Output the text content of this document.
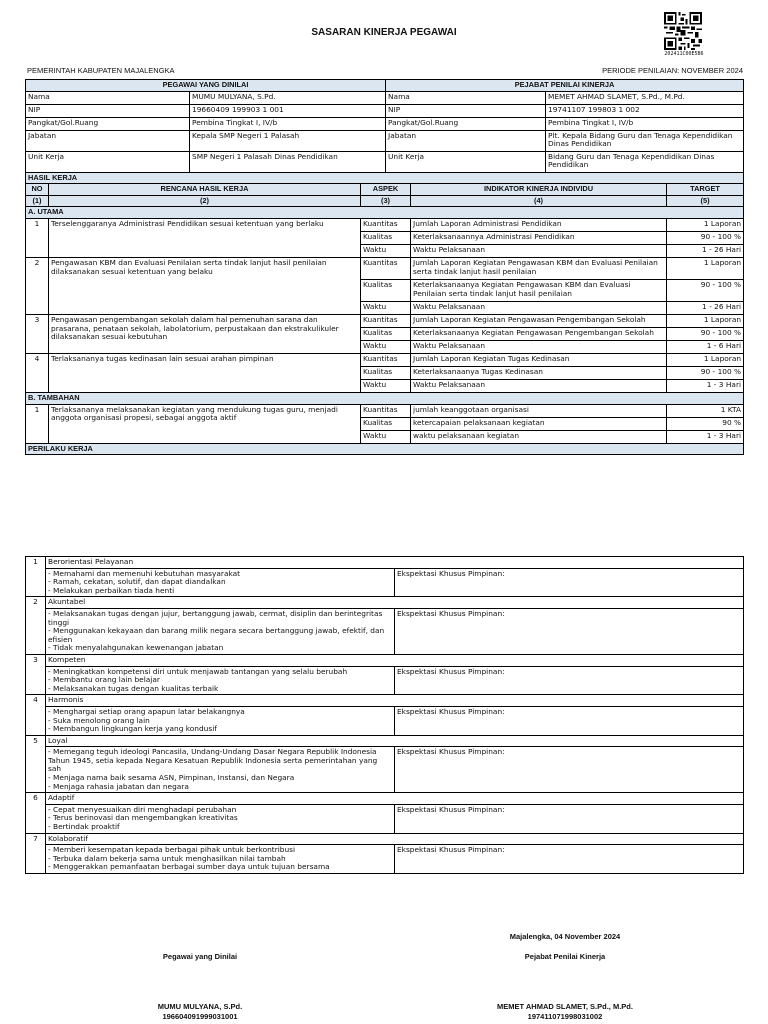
SASARAN KINERJA PEGAWAI
202411C00E5B6
PEMERINTAH KABUPATEN MAJALENGKA	PERIODE PENILAIAN: NOVEMBER 2024
PEGAWAI YANG DINILAI				PEJABAT PENILAI KINERJA			
Nama		MUMU MULYANA, S.Pd.		Nama		MEMET AHMAD SLAMET, S.Pd., M.Pd.	
NIP		19660409 199903 1 001		NIP		19741107 199803 1 002	
Pangkat/Gol.Ruang		Pembina Tingkat I, IV/b		Pangkat/Gol.Ruang		Pembina Tingkat I, IV/b	
Jabatan		Kepala SMP Negeri 1 Palasah		Jabatan		Plt. Kepala Bidang Guru dan Tenaga Kependidikan Dinas Pendidikan	
Unit Kerja		SMP Negeri 1 Palasah Dinas Pendidikan		Unit Kerja		Bidang Guru dan Tenaga Kependidikan Dinas Pendidikan	
HASIL KERJA							
NO	RENCANA HASIL KERJA		ASPEK		INDIKATOR KINERJA INDIVIDU		TARGET
(1)	(2)		(3)		(4)		(5)
A. UTAMA							
1	Terselenggaranya Administrasi Pendidikan sesuai ketentuan yang berlaku		Kuantitas		Jumlah Laporan Administrasi Pendidikan		1 Laporan
			Kualitas		Keterlaksanaannya Administrasi Pendidikan		90 - 100 %
			Waktu		Waktu Pelaksanaan		1 - 26 Hari
2	Pengawasan KBM dan Evaluasi Penilaian serta tindak lanjut hasil penilaian dilaksanakan sesuai ketentuan yang belaku		Kuantitas		Jumlah Laporan Kegiatan Pengawasan KBM dan Evaluasi Penilaian serta tindak lanjut hasil penilaian		1 Laporan
			Kualitas		Keterlaksanaanya Kegiatan Pengawasan KBM dan Evaluasi Penilaian serta tindak lanjut hasil penilaian		90 - 100 %
			Waktu		Waktu Pelaksanaan		1 - 26 Hari
3	Pengawasan pengembangan sekolah dalam hal pemenuhan sarana dan prasarana, penataan sekolah, labolatorium, perpustakaan dan ekstrakulikuler dilaksanakan sesuai kebutuhan		Kuantitas		Jumlah Laporan Kegiatan Pengawasan Pengembangan Sekolah		1 Laporan
			Kualitas		Keterlaksanaanya Kegiatan Pengawasan Pengembangan Sekolah		90 - 100 %
			Waktu		Waktu Pelaksanaan		1 - 6 Hari
4	Terlaksananya tugas kedinasan lain sesuai arahan pimpinan		Kuantitas		Jumlah Laporan Kegiatan Tugas Kedinasan		1 Laporan
			Kualitas		Keterlaksanaanya Tugas Kedinasan		90 - 100 %
			Waktu		Waktu Pelaksanaan		1 - 3 Hari
B. TAMBAHAN							
1	Terlaksananya melaksanakan kegiatan yang mendukung tugas guru, menjadi anggota organisasi propesi, sebagai anggota aktif		Kuantitas		jumlah keanggotaan organisasi		1 KTA
			Kualitas		ketercapaian pelaksanaan kegiatan		90 %
			Waktu		waktu pelaksanaan kegiatan		1 - 3 Hari
PERILAKU KERJA							
1	Berorientasi Pelayanan	

	- Memahami dan memenuhi kebutuhan masyarakat
- Ramah, cekatan, solutif, dan dapat diandalkan
- Melakukan perbaikan tiada henti	Ekspektasi Khusus Pimpinan:
2	Akuntabel	

	- Melaksanakan tugas dengan jujur, bertanggung jawab, cermat, disiplin dan berintegritas tinggi
- Menggunakan kekayaan dan barang milik negara secara bertanggung jawab, efektif, dan efisien
- Tidak menyalahgunakan kewenangan jabatan	Ekspektasi Khusus Pimpinan:
3	Kompeten	

	- Meningkatkan kompetensi diri untuk menjawab tantangan yang selalu berubah
- Membantu orang lain belajar
- Melaksanakan tugas dengan kualitas terbaik	Ekspektasi Khusus Pimpinan:
4	Harmonis	

	- Menghargai setiap orang apapun latar belakangnya
- Suka menolong orang lain
- Membangun lingkungan kerja yang kondusif	Ekspektasi Khusus Pimpinan:
5	Loyal	

	- Memegang teguh ideologi Pancasila, Undang-Undang Dasar Negara Republik Indonesia Tahun 1945, setia kepada Negara Kesatuan Republik Indonesia serta pemerintahan yang sah
- Menjaga nama baik sesama ASN, Pimpinan, Instansi, dan Negara
- Menjaga rahasia jabatan dan negara	Ekspektasi Khusus Pimpinan:
6	Adaptif	

	- Cepat menyesuaikan diri menghadapi perubahan
- Terus berinovasi dan mengembangkan kreativitas
- Bertindak proaktif	Ekspektasi Khusus Pimpinan:
7	Kolaboratif	

	- Memberi kesempatan kepada berbagai pihak untuk berkontribusi
- Terbuka dalam bekerja sama untuk menghasilkan nilai tambah
- Menggerakkan pemanfaatan berbagai sumber daya untuk tujuan bersama	Ekspektasi Khusus Pimpinan:
Majalengka, 04 November 2024
Pegawai yang Dinilai	Pejabat Penilai Kinerja
MUMU MULYANA, S.Pd.
196604091999031001
MEMET AHMAD SLAMET, S.Pd., M.Pd.
197411071998031002
